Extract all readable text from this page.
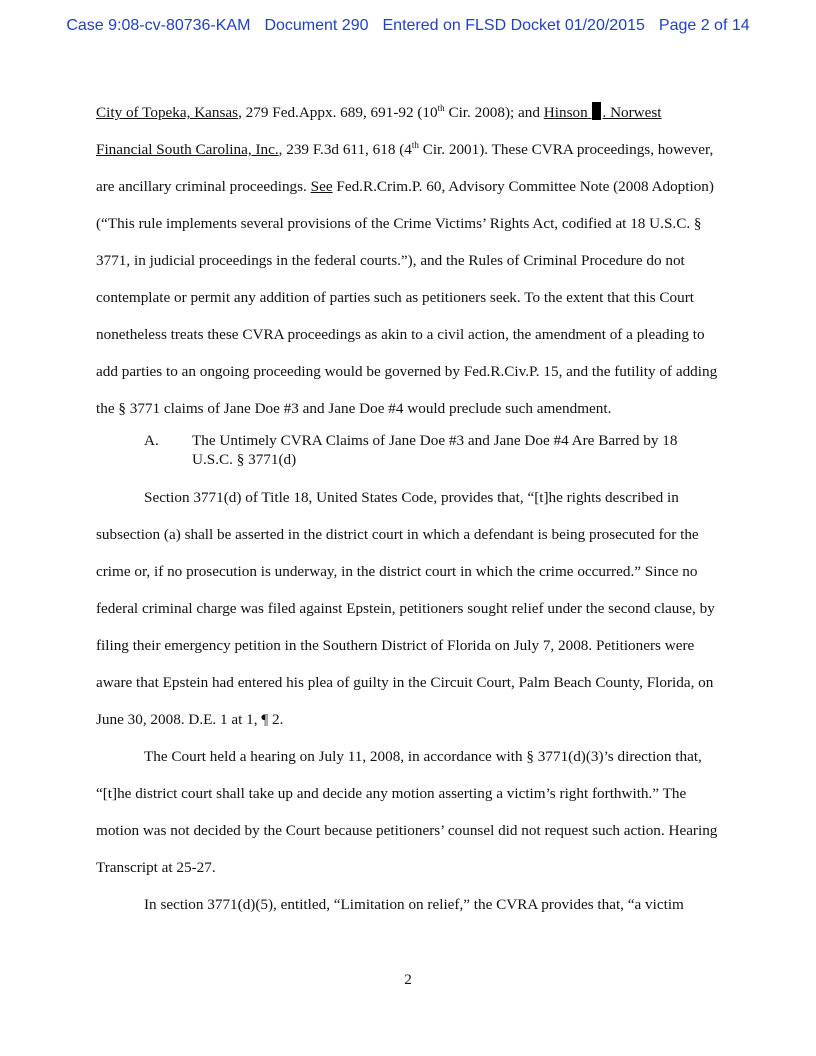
Case 9:08-cv-80736-KAM Document 290 Entered on FLSD Docket 01/20/2015 Page 2 of 14

City of Topeka, Kansas, 279 Fed.Appx. 689, 691-92 (10th Cir. 2008); and Hinson . Norwest Financial South Carolina, Inc., 239 F.3d 611, 618 (4th Cir. 2001). These CVRA proceedings, however, are ancillary criminal proceedings. See Fed.R.Crim.P. 60, Advisory Committee Note (2008 Adoption)(“This rule implements several provisions of the Crime Victims’ Rights Act, codified at 18 U.S.C. § 3771, in judicial proceedings in the federal courts.”), and the Rules of Criminal Procedure do not contemplate or permit any addition of parties such as petitioners seek. To the extent that this Court nonetheless treats these CVRA proceedings as akin to a civil action, the amendment of a pleading to add parties to an ongoing proceeding would be governed by Fed.R.Civ.P. 15, and the futility of adding the § 3771 claims of Jane Doe #3 and Jane Doe #4 would preclude such amendment.

A.	The Untimely CVRA Claims of Jane Doe #3 and Jane Doe #4 Are Barred by 18 U.S.C. § 3771(d)

Section 3771(d) of Title 18, United States Code, provides that, “[t]he rights described in subsection (a) shall be asserted in the district court in which a defendant is being prosecuted for the crime or, if no prosecution is underway, in the district court in which the crime occurred.” Since no federal criminal charge was filed against Epstein, petitioners sought relief under the second clause, by filing their emergency petition in the Southern District of Florida on July 7, 2008. Petitioners were aware that Epstein had entered his plea of guilty in the Circuit Court, Palm Beach County, Florida, on June 30, 2008. D.E. 1 at 1, ¶ 2.

The Court held a hearing on July 11, 2008, in accordance with § 3771(d)(3)’s direction that, “[t]he district court shall take up and decide any motion asserting a victim’s right forthwith.” The motion was not decided by the Court because petitioners’ counsel did not request such action. Hearing Transcript at 25-27.

In section 3771(d)(5), entitled, “Limitation on relief,” the CVRA provides that, “a victim

2
